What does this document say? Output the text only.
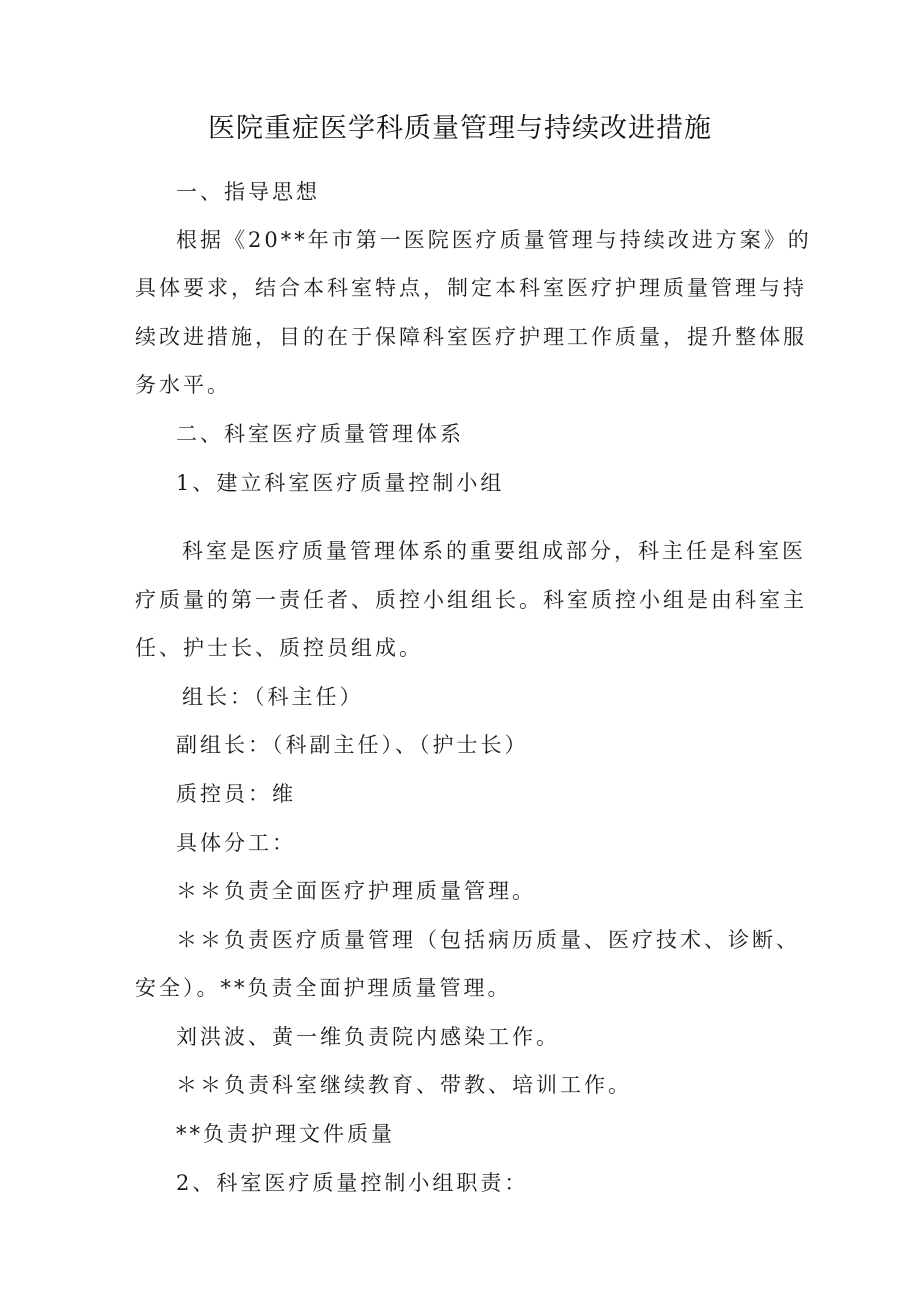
医院重症医学科质量管理与持续改进措施
一、指导思想
根据《20**年市第一医院医疗质量管理与持续改进方案》的
具体要求，结合本科室特点，制定本科室医疗护理质量管理与持
续改进措施，目的在于保障科室医疗护理工作质量，提升整体服
务水平。
二、科室医疗质量管理体系
1、建立科室医疗质量控制小组
科室是医疗质量管理体系的重要组成部分，科主任是科室医
疗质量的第一责任者、质控小组组长。科室质控小组是由科室主
任、护士长、质控员组成。
组长：（科主任）
副组长：（科副主任）、（护士长）
质控员：维
具体分工：
＊＊负责全面医疗护理质量管理。
＊＊负责医疗质量管理（包括病历质量、医疗技术、诊断、
安全）。**负责全面护理质量管理。
刘洪波、黄一维负责院内感染工作。
＊＊负责科室继续教育、带教、培训工作。
**负责护理文件质量
2、科室医疗质量控制小组职责：
